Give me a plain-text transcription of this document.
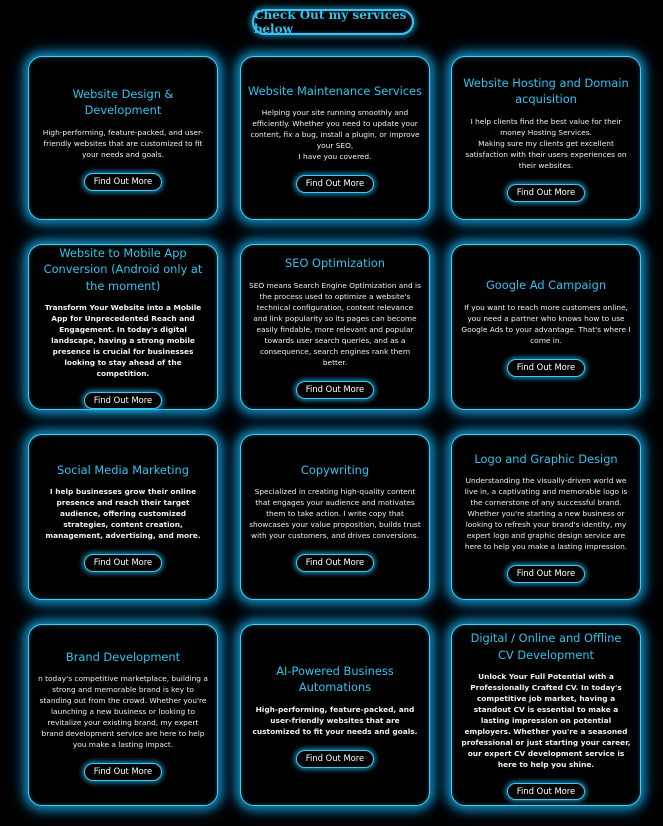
Check Out my services below
Website Design & Development
High-performing, feature-packed, and user-friendly websites that are customized to fit your needs and goals.
Find Out More
Website Maintenance Services
Helping your site running smoothly and efficiently. Whether you need to update your content, fix a bug, install a plugin, or improve your SEO,
I have you covered.
Find Out More
Website Hosting and Domain acquisition
I help clients find the best value for their money Hosting Services.
Making sure my clients get excellent satisfaction with their users experiences on their websites.
Find Out More
Website to Mobile App Conversion (Android only at the moment)
Transform Your Website into a Mobile App for Unprecedented Reach and Engagement. In today's digital landscape, having a strong mobile presence is crucial for businesses looking to stay ahead of the competition.
Find Out More
SEO Optimization
SEO means Search Engine Optimization and is the process used to optimize a website's technical configuration, content relevance and link popularity so its pages can become easily findable, more relevant and popular towards user search queries, and as a consequence, search engines rank them better.
Find Out More
Google Ad Campaign
If you want to reach more customers online, you need a partner who knows how to use Google Ads to your advantage. That's where I come in.
Find Out More
Social Media Marketing
I help businesses grow their online presence and reach their target audience, offering customized strategies, content creation, management, advertising, and more.
Find Out More
Copywriting
Specialized in creating high-quality content that engages your audience and motivates them to take action. I write copy that showcases your value proposition, builds trust with your customers, and drives conversions.
Find Out More
Logo and Graphic Design
Understanding the visually-driven world we live in, a captivating and memorable logo is the cornerstone of any successful brand. Whether you're starting a new business or looking to refresh your brand's identity, my expert logo and graphic design service are here to help you make a lasting impression.
Find Out More
Brand Development
n today's competitive marketplace, building a strong and memorable brand is key to standing out from the crowd. Whether you're launching a new business or looking to revitalize your existing brand, my expert brand development service are here to help you make a lasting impact.
Find Out More
AI-Powered Business Automations
High-performing, feature-packed, and user-friendly websites that are customized to fit your needs and goals.
Find Out More
Digital / Online and Offline CV Development
Unlock Your Full Potential with a Professionally Crafted CV. In today's competitive job market, having a standout CV is essential to make a lasting impression on potential employers. Whether you're a seasoned professional or just starting your career, our expert CV development service is here to help you shine.
Find Out More
